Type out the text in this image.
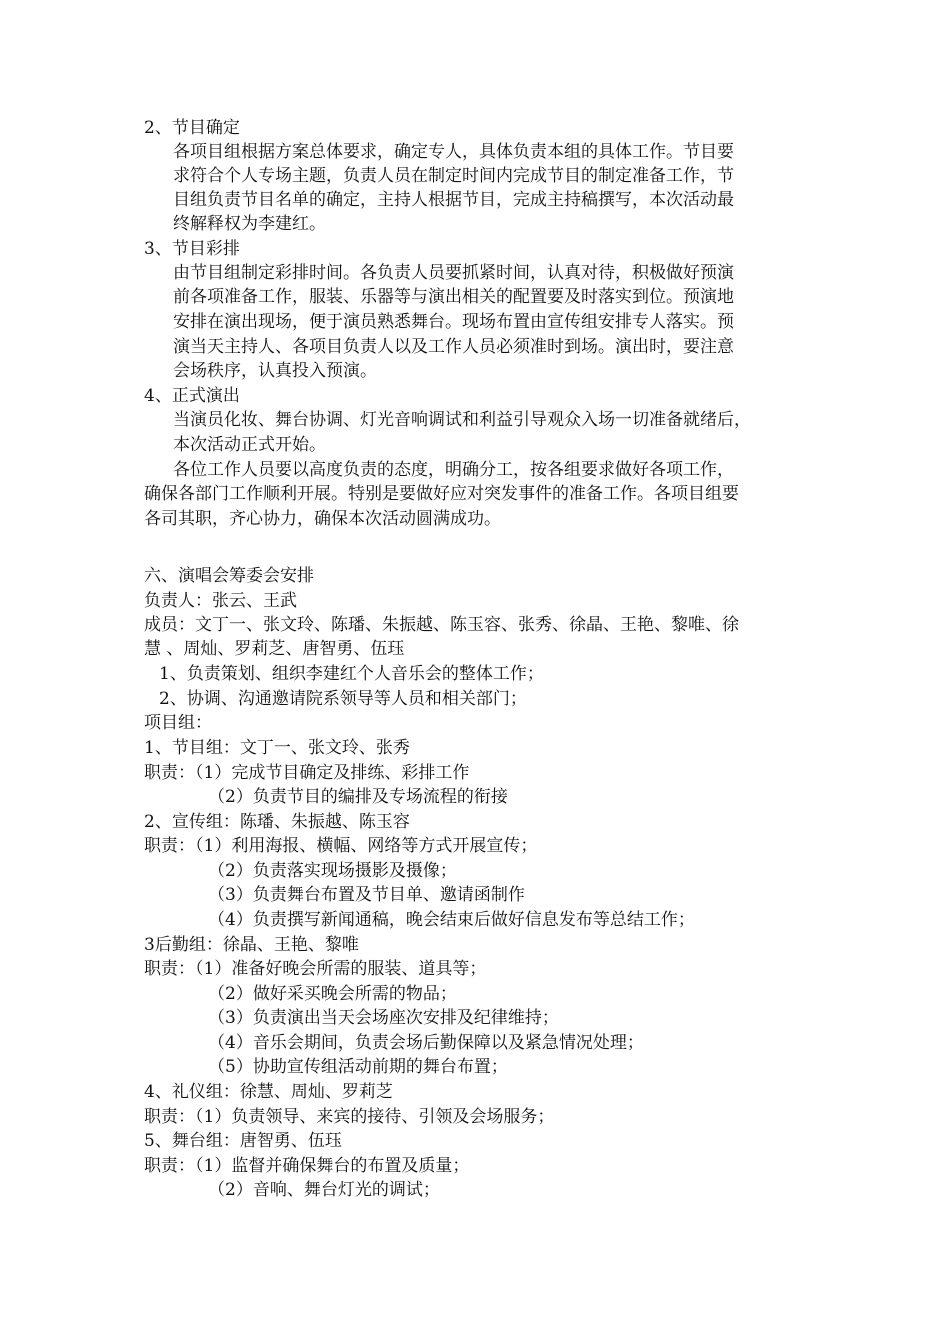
2、节目确定

各项目组根据方案总体要求，确定专人，具体负责本组的具体工作。节目要

求符合个人专场主题，负责人员在制定时间内完成节目的制定准备工作，节

目组负责节目名单的确定，主持人根据节目，完成主持稿撰写，本次活动最

终解释权为李建红。

3、节目彩排

由节目组制定彩排时间。各负责人员要抓紧时间，认真对待，积极做好预演

前各项准备工作，服装、乐器等与演出相关的配置要及时落实到位。预演地

安排在演出现场，便于演员熟悉舞台。现场布置由宣传组安排专人落实。预

演当天主持人、各项目负责人以及工作人员必须准时到场。演出时，要注意

会场秩序，认真投入预演。

4、正式演出

当演员化妆、舞台协调、灯光音响调试和利益引导观众入场一切准备就绪后，

本次活动正式开始。

各位工作人员要以高度负责的态度，明确分工，按各组要求做好各项工作，

确保各部门工作顺利开展。特别是要做好应对突发事件的准备工作。各项目组要

各司其职，齐心协力，确保本次活动圆满成功。

六、演唱会筹委会安排

负责人：张云、王武

成员：文丁一、张文玲、陈璠、朱振越、陈玉容、张秀、徐晶、王艳、黎唯、徐

慧 、周灿、罗莉芝、唐智勇、伍珏

1、负责策划、组织李建红个人音乐会的整体工作；

2、协调、沟通邀请院系领导等人员和相关部门；

项目组：

1、节目组：文丁一、张文玲、张秀

职责：（1）完成节目确定及排练、彩排工作

（2）负责节目的编排及专场流程的衔接

2、宣传组：陈璠、朱振越、陈玉容

职责：（1）利用海报、横幅、网络等方式开展宣传；

（2）负责落实现场摄影及摄像；

（3）负责舞台布置及节目单、邀请函制作

（4）负责撰写新闻通稿，晚会结束后做好信息发布等总结工作；

3后勤组：徐晶、王艳、黎唯

职责：（1）准备好晚会所需的服装、道具等；

（2）做好采买晚会所需的物品；

（3）负责演出当天会场座次安排及纪律维持；

（4）音乐会期间，负责会场后勤保障以及紧急情况处理；

（5）协助宣传组活动前期的舞台布置；

4、礼仪组：徐慧、周灿、罗莉芝

职责：（1）负责领导、来宾的接待、引领及会场服务；

5、舞台组：唐智勇、伍珏

职责：（1）监督并确保舞台的布置及质量；

（2）音响、舞台灯光的调试；
